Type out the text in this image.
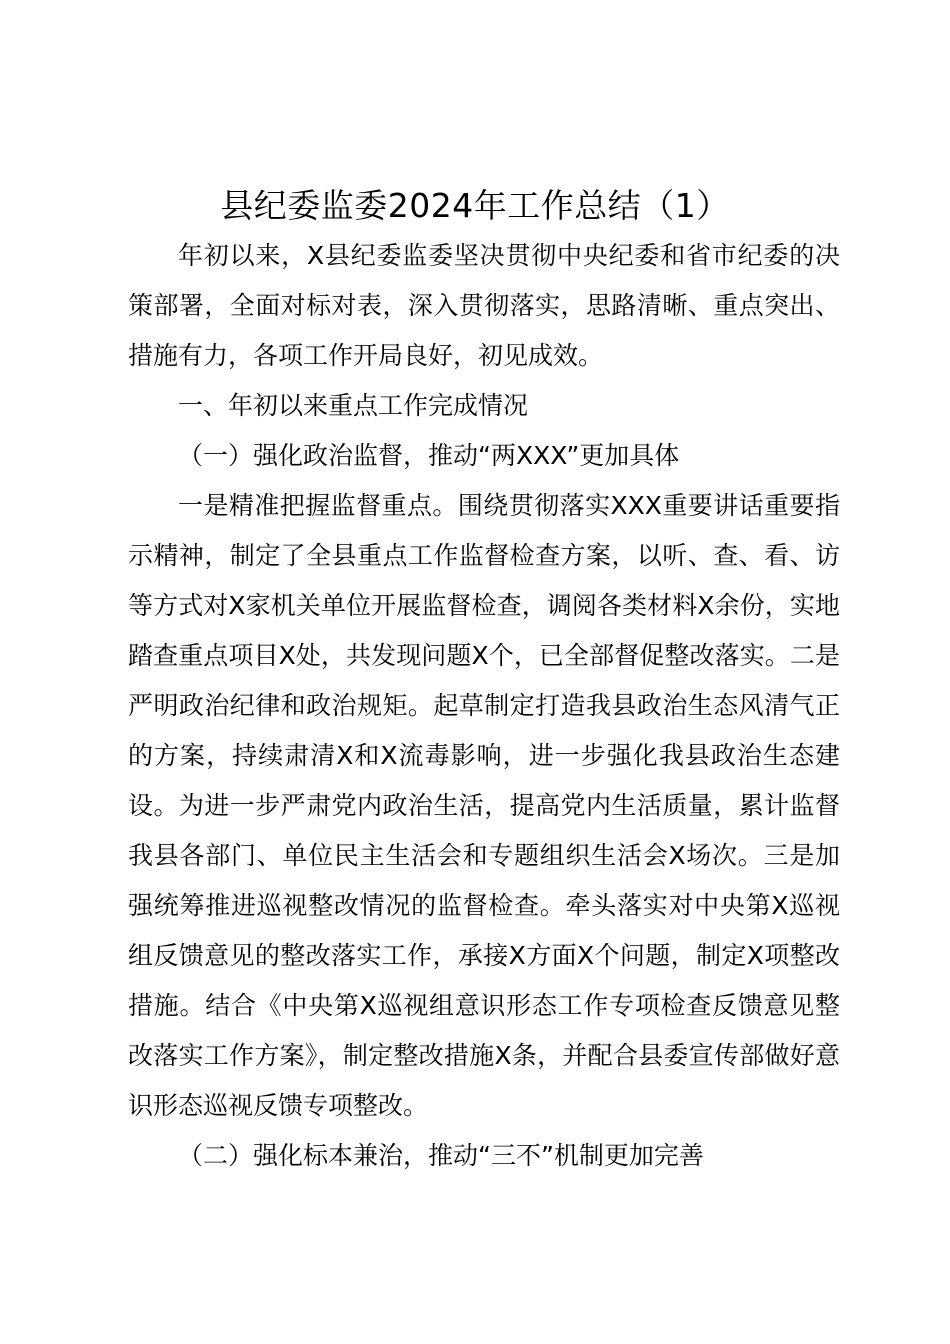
县纪委监委2024年工作总结（1）

年初以来，X县纪委监委坚决贯彻中央纪委和省市纪委的决策部署，全面对标对表，深入贯彻落实，思路清晰、重点突出、措施有力，各项工作开局良好，初见成效。

一、年初以来重点工作完成情况

（一）强化政治监督，推动“两XXX”更加具体

一是精准把握监督重点。围绕贯彻落实XXX重要讲话重要指示精神，制定了全县重点工作监督检查方案，以听、查、看、访等方式对X家机关单位开展监督检查，调阅各类材料X余份，实地踏查重点项目X处，共发现问题X个，已全部督促整改落实。二是严明政治纪律和政治规矩。起草制定打造我县政治生态风清气正的方案，持续肃清X和X流毒影响，进一步强化我县政治生态建设。为进一步严肃党内政治生活，提高党内生活质量，累计监督我县各部门、单位民主生活会和专题组织生活会X场次。三是加强统筹推进巡视整改情况的监督检查。牵头落实对中央第X巡视组反馈意见的整改落实工作，承接X方面X个问题，制定X项整改措施。结合《中央第X巡视组意识形态工作专项检查反馈意见整改落实工作方案》，制定整改措施X条，并配合县委宣传部做好意识形态巡视反馈专项整改。

（二）强化标本兼治，推动“三不”机制更加完善
